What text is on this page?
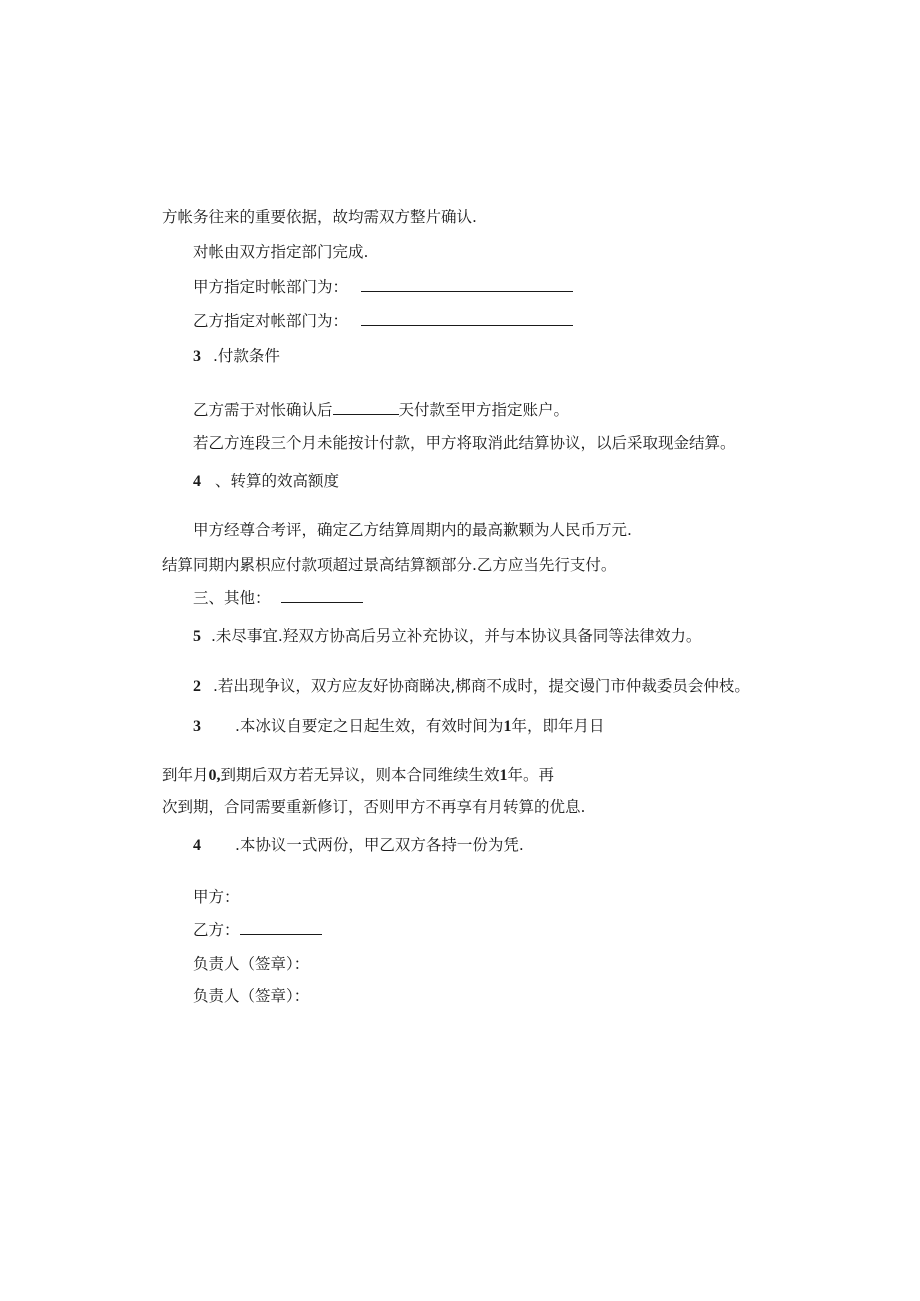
方帐务往来的重要依据，故均需双方整片确认.
对帐由双方指定部门完成.
甲方指定时帐部门为：
乙方指定对帐部门为：
3 .付款条件
乙方需于对怅确认后	天付款至甲方指定账户。
若乙方连段三个月未能按计付款，甲方将取消此结算协议，以后采取现金结算。
4 、转算的效高额度
甲方经尊合考评，确定乙方结算周期内的最高歉颗为人民币万元.
结算同期内累枳应付款项超过景高结算额部分.乙方应当先行支付。
三、其他：
5 .未尽事宜.羟双方协高后另立补充协议，并与本协议具备同等法律效力。
2 .若出现争议，双方应友好协商睇决,梆商不成时，提交谩门市仲裁委员会仲枝。
3 .本冰议自要定之日起生效，有效时间为1年，即年月日
到年月0,到期后双方若无异议，则本合同维续生效1年。再
次到期，合同需要重新修订，否则甲方不再享有月转算的优息.
4 .本协议一式两份，甲乙双方各持一份为凭.
甲方：
乙方：
负责人（签章）：
负责人（签章）：
